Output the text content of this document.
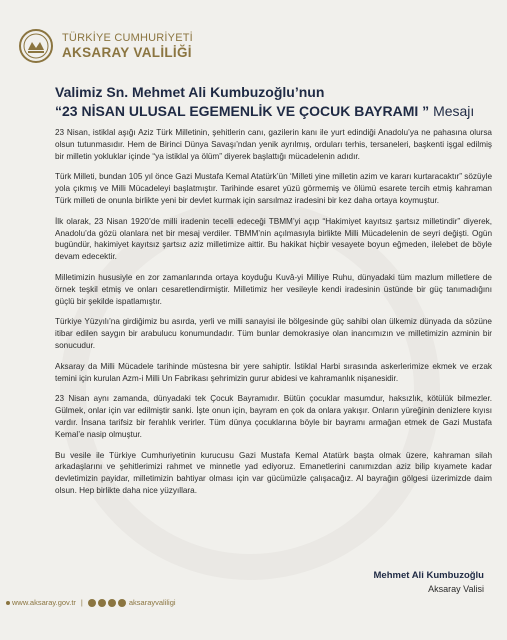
TÜRKİYE CUMHURİYETİ
AKSARAY VALİLİĞİ
Valimiz Sn. Mehmet Ali Kumbuzoğlu’nun
“23 NİSAN ULUSAL EGEMENLİK VE ÇOCUK BAYRAMI ” Mesajı

23 Nisan, istiklal aşığı Aziz Türk Milletinin, şehitlerin canı, gazilerin kanı ile yurt edindiği Anadolu’ya ne pahasına olursa olsun tutunmasıdır. Hem de Birinci Dünya Savaşı’ndan yenik ayrılmış, orduları terhis, tersaneleri, başkenti işgal edilmiş bir milletin yokluklar içinde “ya istiklal ya ölüm” diyerek başlattığı mücadelenin adıdır.

Türk Milleti, bundan 105 yıl önce Gazi Mustafa Kemal Atatürk’ün ‘Milleti yine milletin azim ve kararı kurtaracaktır” sözüyle yola çıkmış ve Milli Mücadeleyi başlatmıştır. Tarihinde esaret yüzü görmemiş ve ölümü esarete tercih etmiş kahraman Türk milleti de onunla birlikte yeni bir devlet kurmak için sarsılmaz iradesini bir kez daha ortaya koymuştur.

İlk olarak, 23 Nisan 1920’de milli iradenin tecelli edeceği TBMM’yi açıp “Hakimiyet kayıtsız şartsız milletindir” diyerek, Anadolu’da gözü olanlara net bir mesaj verdiler. TBMM’nin açılmasıyla birlikte Milli Mücadelenin de seyri değişti. Ogün bugündür, hakimiyet kayıtsız şartsız aziz milletimize aittir. Bu hakikat hiçbir vesayete boyun eğmeden, ilelebet de böyle devam edecektir.

Milletimizin hususiyle en zor zamanlarında ortaya koyduğu Kuvâ-yi Milliye Ruhu, dünyadaki tüm mazlum milletlere de örnek teşkil etmiş ve onları cesaretlendirmiştir. Milletimiz her vesileyle kendi iradesinin üstünde bir güç tanımadığını güçlü bir şekilde ispatlamıştır.

Türkiye Yüzyılı’na girdiğimiz bu asırda, yerli ve milli sanayisi ile bölgesinde güç sahibi olan ülkemiz dünyada da sözüne itibar edilen saygın bir arabulucu konumundadır. Tüm bunlar demokrasiye olan inancımızın ve milletimizin azminin bir sonucudur.

Aksaray da Milli Mücadele tarihinde müstesna bir yere sahiptir. İstiklal Harbi sırasında askerlerimize ekmek ve erzak temini için kurulan Azm-i Milli Un Fabrikası şehrimizin gurur abidesi ve kahramanlık nişanesidir.

23 Nisan aynı zamanda, dünyadaki tek Çocuk Bayramıdır. Bütün çocuklar masumdur, haksızlık, kötülük bilmezler. Gülmek, onlar için var edilmiştir sanki. İşte onun için, bayram en çok da onlara yakışır. Onların yüreğinin denizlere kıyısı vardır. İnsana tarifsiz bir ferahlık verirler. Tüm dünya çocuklarına böyle bir bayramı armağan etmek de Gazi Mustafa Kemal’e nasip olmuştur.

Bu vesile ile Türkiye Cumhuriyetinin kurucusu Gazi Mustafa Kemal Atatürk başta olmak üzere, kahraman silah arkadaşlarını ve şehitlerimizi rahmet ve minnetle yad ediyoruz. Emanetlerini canımızdan aziz bilip kıyamete kadar devletimizin payidar, milletimizin bahtiyar olması için var gücümüzle çalışacağız. Al bayrağın gölgesi üzerimizde daim olsun. Hep birlikte daha nice yüzyıllara.

Mehmet Ali Kumbuzoğlu
Aksaray Valisi
www.aksaray.gov.tr |	aksarayvaliligi
